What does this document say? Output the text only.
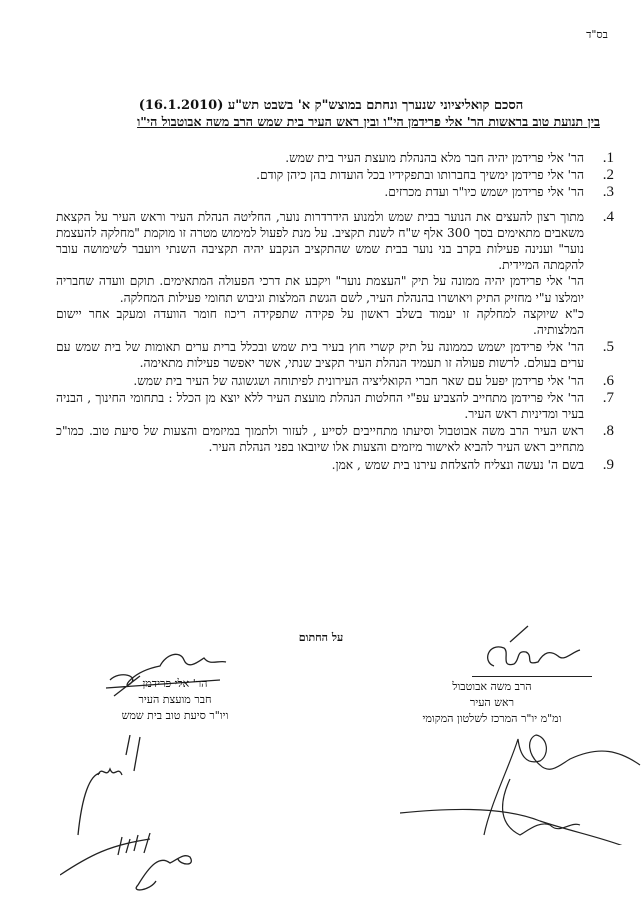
בס"ד
הסכם קואליציוני שנערך ונחתם במוצש"ק א' בשבט תש"ע (16.1.2010)
בין תנועת טוב בראשות הר' אלי פרידמן הי"ו ובין ראש העיר בית שמש הרב משה אבוטבול הי"ו
1.

הר' אלי פרידמן יהיה חבר מלא בהנהלת מועצת העיר בית שמש.

2.

הר' אלי פרידמן ימשיך בחברותו ובתפקידיו בכל הועדות בהן כיהן קודם.

3.

הר' אלי פרידמן ישמש כיו"ר ועדת מכרזים.

4.

מתוך רצון להעצים את הנוער בבית שמש ולמנוע הידרדרות נוער, החליטה הנהלת העיר וראש העיר על הקצאת משאבים מתאימים בסך 300 אלף ש"ח לשנת תקציב. על מנת לפעול למימוש מטרה זו מוקמת "מחלקה להעצמת נוער" וענינה פעילות בקרב בני נוער בבית שמש שהתקציב הנקבע יהיה תקציבה השנתי ויועבר לשימושה עובר להקמתה המיידית.

הר' אלי פרידמן יהיה ממונה על תיק "העצמת נוער" ויקבע את דרכי הפעולה המתאימים. תוקם וועדה שחבריה יומלצו ע"י מחזיק התיק ויאושרו בהנהלת העיר, לשם הגשת המלצות וגיבוש תחומי פעילות המחלקה.

כ"א שיוקצה למחלקה זו יעמוד בשלב ראשון על פקידה שתפקידה ריכוז חומר הוועדה ומעקב אחר יישום המלצותיה.

5.

הר' אלי פרידמן ישמש כממונה על תיק קשרי חוץ בעיר בית שמש ובכלל ברית ערים תאומות של בית שמש עם ערים בעולם. לרשות פעולה זו תעמיד הנהלת העיר תקציב שנתי, אשר יאפשר פעילות מתאימה.

6.

הר' אלי פרידמן יפעל עם שאר חברי הקואליציה העירונית לפיתוחה ושגשוגה של העיר בית שמש.

7.

הר' אלי פרידמן מתחייב להצביע עפ"י החלטות הנהלת מועצת העיר ללא יוצא מן הכלל : בתחומי החינוך , הבניה בעיר ומדיניות ראש העיר.

8.

ראש העיר הרב משה אבוטבול וסיעתו מתחייבים לסייע , לעזור ולתמוך במיזמים והצעות של סיעת טוב. כמו"כ מתחייב ראש העיר להביא לאישור מיזמים והצעות אלו שיובאו בפני הנהלת העיר.

9.

בשם ה' נעשה ונצליח להצלחת עירנו בית שמש , אמן.

על החתום
הרב משה אבוטבול
ראש העיר
ומ"מ יו"ר המרכז לשלטון המקומי
הר' אלי פרידמן
חבר מועצת העיר
ויו"ר סיעת טוב בית שמש
